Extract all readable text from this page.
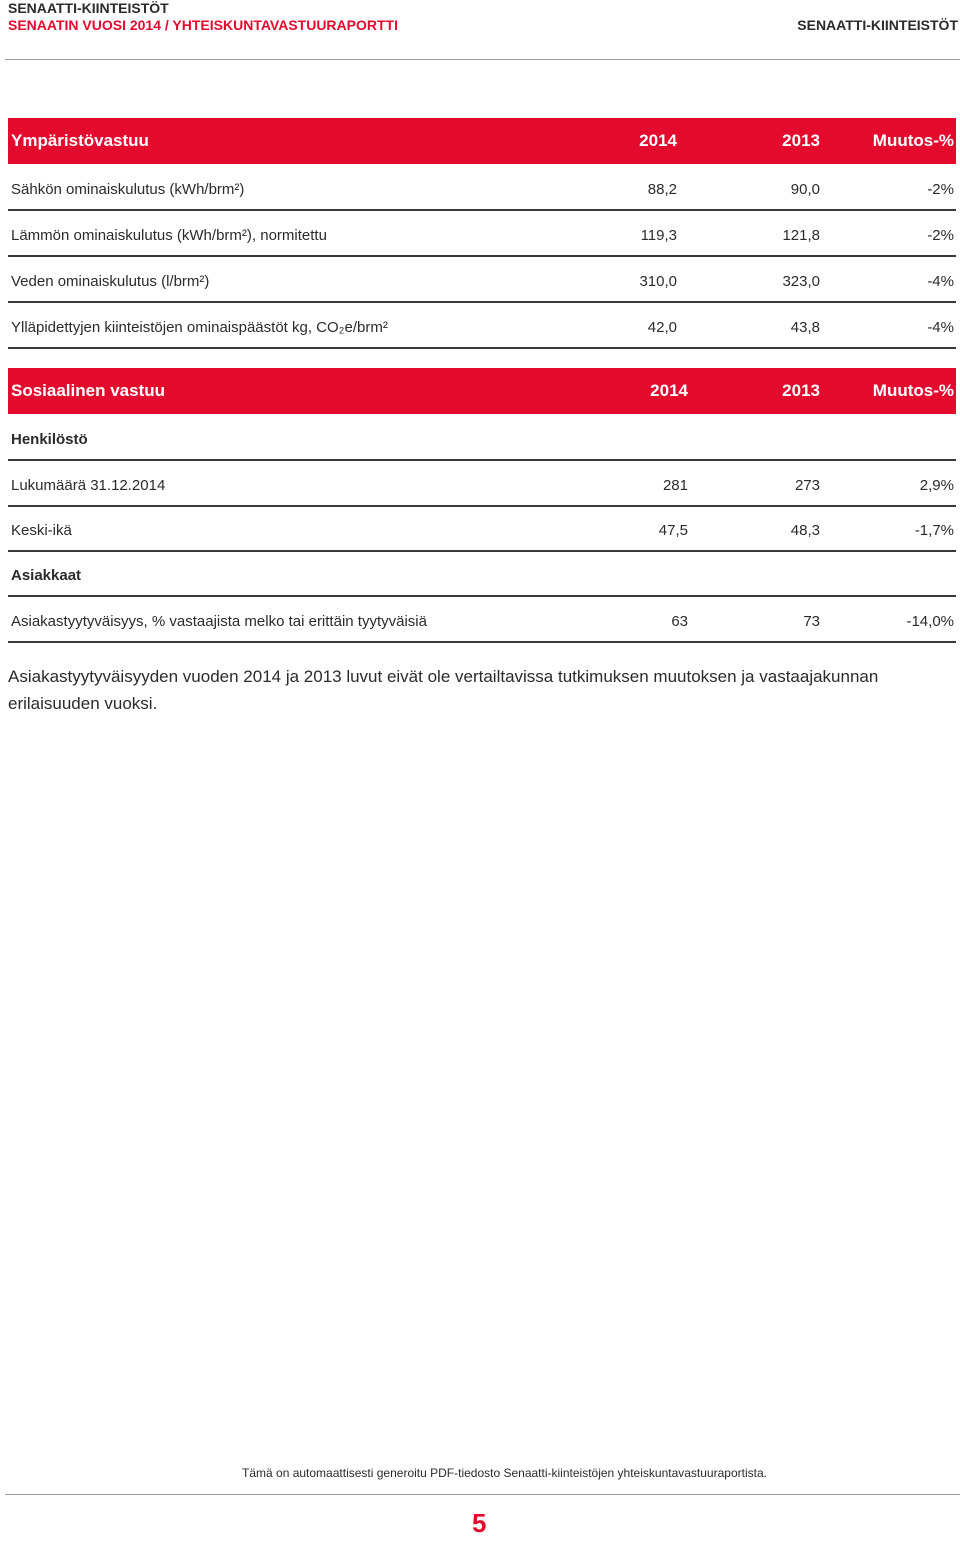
SENAATTI-KIINTEISTÖT
SENAATIN VUOSI 2014 / YHTEISKUNTAVASTUURAPORTTI	SENAATTI-KIINTEISTÖT
Ympäristövastuu	2014	2013	Muutos-%
Sähkön ominaiskulutus (kWh/brm²)	88,2	90,0	-2%
Lämmön ominaiskulutus (kWh/brm²), normitettu	119,3	121,8	-2%
Veden ominaiskulutus (l/brm²)	310,0	323,0	-4%
Ylläpidettyjen kiinteistöjen ominaispäästöt kg, CO₂e/brm²	42,0	43,8	-4%
Sosiaalinen vastuu	2014	2013	Muutos-%
Henkilöstö
Lukumäärä 31.12.2014	281	273	2,9%
Keski-ikä	47,5	48,3	-1,7%
Asiakkaat
Asiakastyytyväisyys, % vastaajista melko tai erittäin tyytyväisiä	63	73	-14,0%
Asiakastyytyväisyyden vuoden 2014 ja 2013 luvut eivät ole vertailtavissa tutkimuksen muutoksen ja vastaajakunnan erilaisuuden vuoksi.
Tämä on automaattisesti generoitu PDF-tiedosto Senaatti-kiinteistöjen yhteiskuntavastuuraportista.
5
